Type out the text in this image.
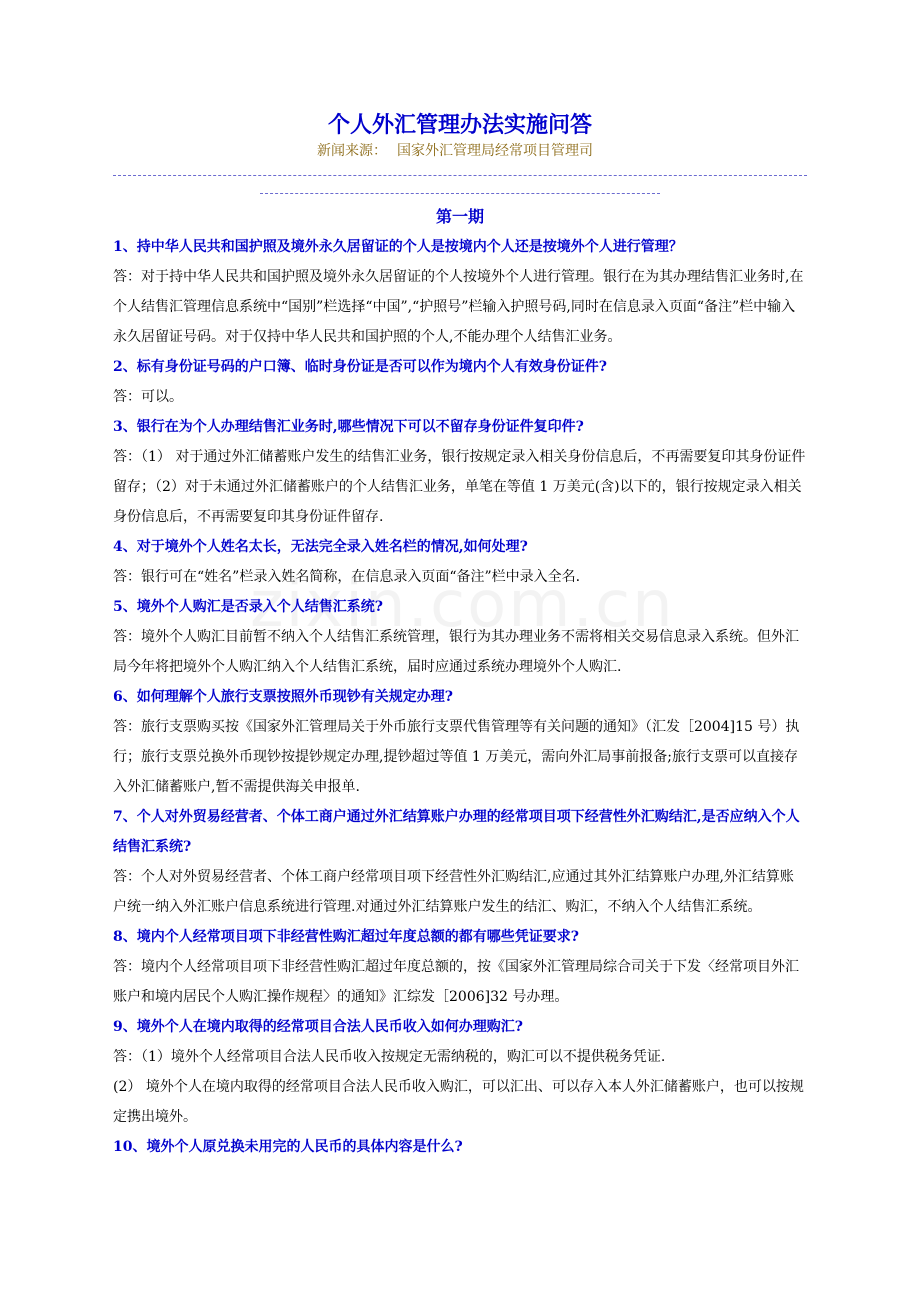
个人外汇管理办法实施问答
新闻来源： 国家外汇管理局经常项目管理司
第一期
1、持中华人民共和国护照及境外永久居留证的个人是按境内个人还是按境外个人进行管理？
答：对于持中华人民共和国护照及境外永久居留证的个人按境外个人进行管理。银行在为其办理结售汇业务时,在个人结售汇管理信息系统中“国别”栏选择“中国”,“护照号”栏输入护照号码,同时在信息录入页面“备注”栏中输入永久居留证号码。对于仅持中华人民共和国护照的个人,不能办理个人结售汇业务。
2、标有身份证号码的户口簿、临时身份证是否可以作为境内个人有效身份证件?
答：可以。
3、银行在为个人办理结售汇业务时,哪些情况下可以不留存身份证件复印件?
答：（1） 对于通过外汇储蓄账户发生的结售汇业务，银行按规定录入相关身份信息后，不再需要复印其身份证件留存；（2）对于未通过外汇储蓄账户的个人结售汇业务，单笔在等值 1 万美元(含)以下的，银行按规定录入相关身份信息后，不再需要复印其身份证件留存.
4、对于境外个人姓名太长，无法完全录入姓名栏的情况,如何处理?
答：银行可在“姓名”栏录入姓名简称，在信息录入页面“备注”栏中录入全名.
5、境外个人购汇是否录入个人结售汇系统?
答：境外个人购汇目前暂不纳入个人结售汇系统管理，银行为其办理业务不需将相关交易信息录入系统。但外汇局今年将把境外个人购汇纳入个人结售汇系统，届时应通过系统办理境外个人购汇.
6、如何理解个人旅行支票按照外币现钞有关规定办理?
答：旅行支票购买按《国家外汇管理局关于外币旅行支票代售管理等有关问题的通知》（汇发［2004]15 号）执行；旅行支票兑换外币现钞按提钞规定办理,提钞超过等值 1 万美元，需向外汇局事前报备;旅行支票可以直接存入外汇储蓄账户,暂不需提供海关申报单.
7、个人对外贸易经营者、个体工商户通过外汇结算账户办理的经常项目项下经营性外汇购结汇,是否应纳入个人结售汇系统?
答：个人对外贸易经营者、个体工商户经常项目项下经营性外汇购结汇,应通过其外汇结算账户办理,外汇结算账户统一纳入外汇账户信息系统进行管理.对通过外汇结算账户发生的结汇、购汇，不纳入个人结售汇系统。
8、境内个人经常项目项下非经营性购汇超过年度总额的都有哪些凭证要求?
答：境内个人经常项目项下非经营性购汇超过年度总额的，按《国家外汇管理局综合司关于下发〈经常项目外汇账户和境内居民个人购汇操作规程〉的通知》汇综发［2006]32 号办理。
9、境外个人在境内取得的经常项目合法人民币收入如何办理购汇?
答：（1）境外个人经常项目合法人民币收入按规定无需纳税的，购汇可以不提供税务凭证.
(2） 境外个人在境内取得的经常项目合法人民币收入购汇，可以汇出、可以存入本人外汇储蓄账户，也可以按规定携出境外。
10、境外个人原兑换未用完的人民币的具体内容是什么?
